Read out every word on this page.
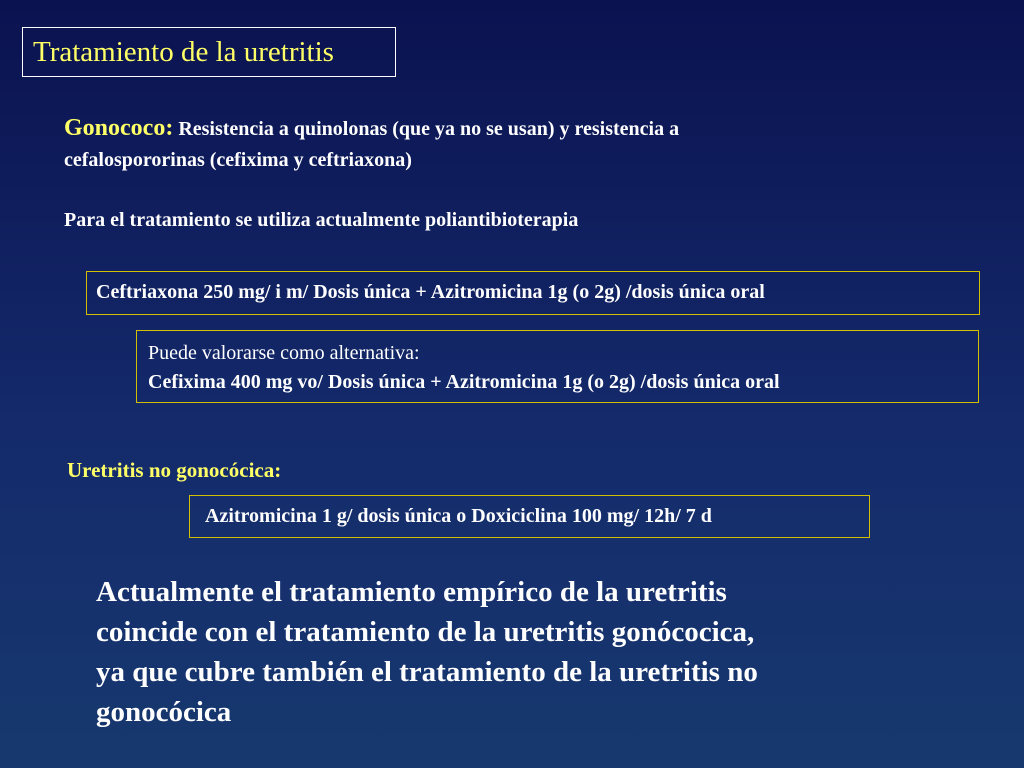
Tratamiento de la uretritis
Gonococo: Resistencia a quinolonas (que ya no se usan) y resistencia a
cefalospororinas (cefixima y ceftriaxona)
Para el tratamiento se utiliza actualmente poliantibioterapia
Ceftriaxona 250 mg/ i m/ Dosis única + Azitromicina 1g (o 2g) /dosis única oral
Puede valorarse como alternativa:
Cefixima 400 mg vo/ Dosis única + Azitromicina 1g (o 2g) /dosis única oral
Uretritis no gonocócica:
Azitromicina 1 g/ dosis única o Doxiciclina 100 mg/ 12h/ 7 d
Actualmente el tratamiento empírico de la uretritis
coincide con el tratamiento de la uretritis gonócocica,
ya que cubre también el tratamiento de la uretritis no
gonocócica
